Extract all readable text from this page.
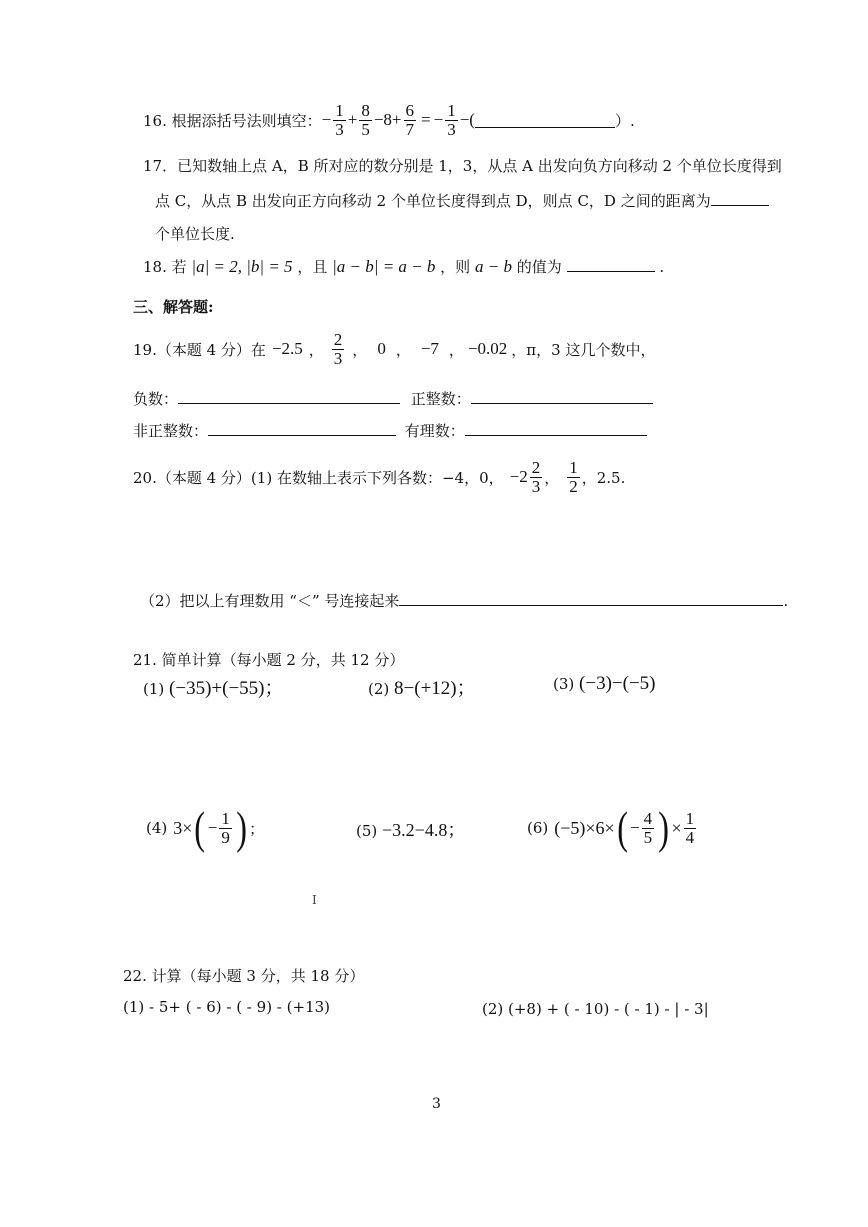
16. 根据添括号法则填空： − $\frac{1}{3} + \frac{8}{5} - 8 + \frac{6}{7}$ = − $\frac{1}{3}$ − (	）.
17．已知数轴上点 A，B 所对应的数分别是 1，3，从点 A 出发向负方向移动 2 个单位长度得到
点 C，从点 B 出发向正方向移动 2 个单位长度得到点 D，则点 C，D 之间的距离为
个单位长度.
18. 若 |a| = 2, |b| = 5 ，且 |a − b| = a − b ，则 a − b 的值为	.
三、解答题:
19.（本题 4 分）在 −2.5 ， $\frac{2}{3}$ ， 0 ， −7 ， −0.02 ，π，3 这几个数中，
负数：	正整数：
非正整数：	有理数：
20.（本题 4 分）(1) 在数轴上表示下列各数：−4，0， $-2 \frac{2}{3}$ ， $\frac{1}{2}$ ，2.5.
（2）把以上有理数用 “＜” 号连接起来	.
21. 简单计算（每小题 2 分，共 12 分）
(1) (−35)+(−55)；	(2) 8−(+12)；	(3) (−3)−(−5)
(4) 3× ( − $\frac{1}{9}$ ) ；	(5) −3.2−4.8；	(6) (−5)×6× ( − $\frac{4}{5}$ ) × $\frac{1}{4}$
I
22. 计算（每小题 3 分，共 18 分）
(1) - 5+ ( - 6) - ( - 9) - (+13)	(2) (+8) + ( - 10) - ( - 1) - | - 3|
3
